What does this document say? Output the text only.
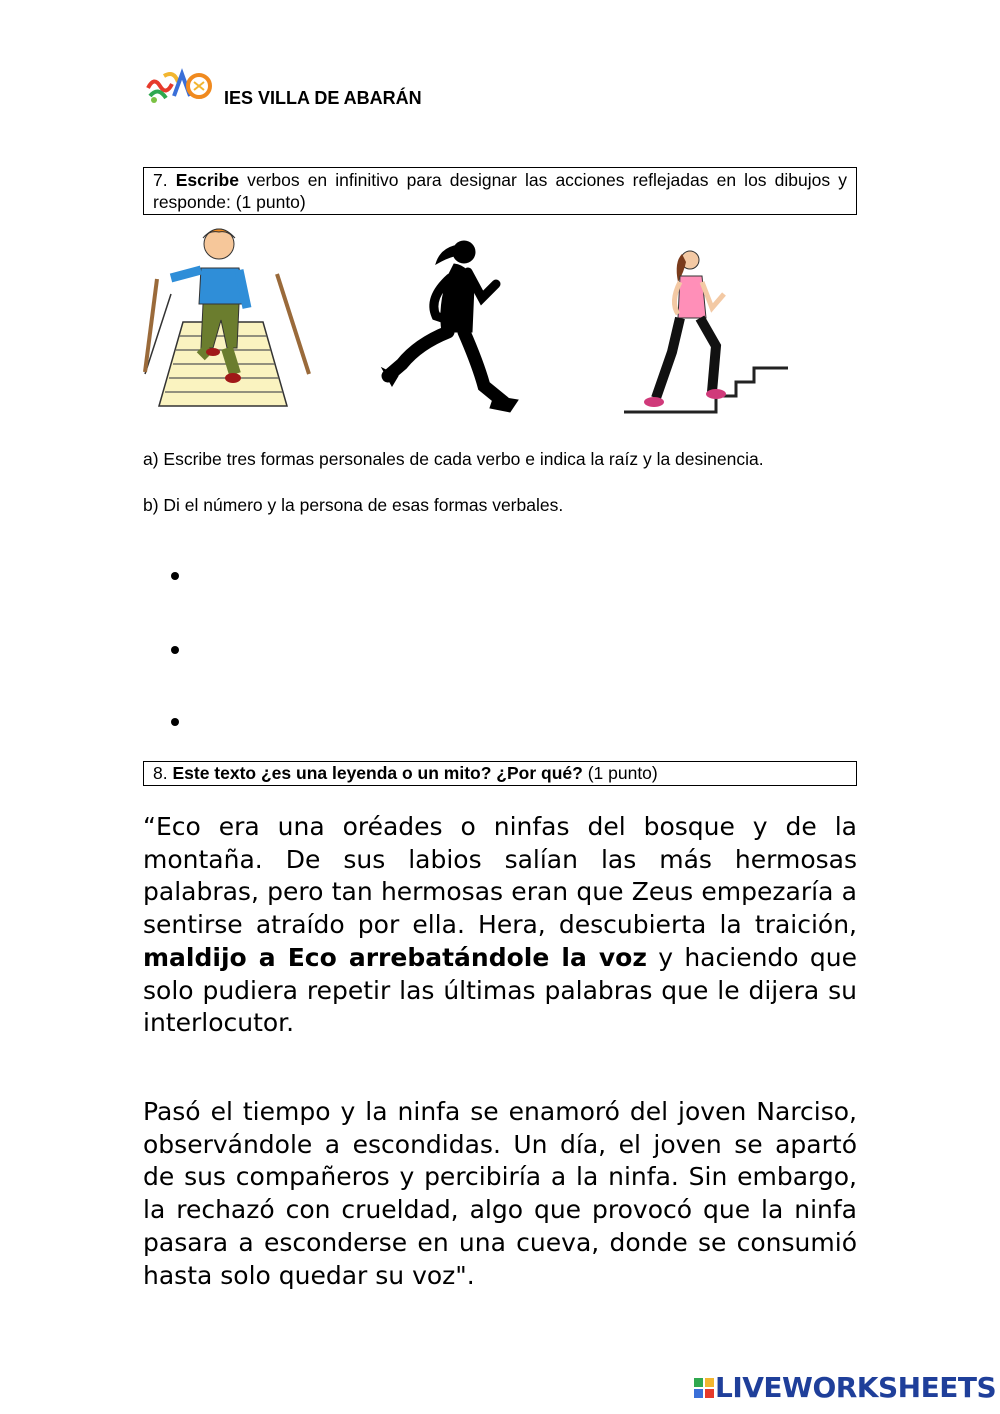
IES VILLA DE ABARÁN
7. Escribe verbos en infinitivo para designar las acciones reflejadas en los dibujos y responde: (1 punto)
a) Escribe tres formas personales de cada verbo e indica la raíz y la desinencia.
b) Di el número y la persona de esas formas verbales.
8. Este texto ¿es una leyenda o un mito? ¿Por qué? (1 punto)

“Eco era una oréades o ninfas del bosque y de la montaña. De sus labios salían las más hermosas palabras, pero tan hermosas eran que Zeus empezaría a sentirse atraído por ella. Hera, descubierta la traición, maldijo a Eco arrebatándole la voz y haciendo que solo pudiera repetir las últimas palabras que le dijera su interlocutor.

Pasó el tiempo y la ninfa se enamoró del joven Narciso, observándole a escondidas. Un día, el joven se apartó de sus compañeros y percibiría a la ninfa. Sin embargo, la rechazó con crueldad, algo que provocó que la ninfa pasara a esconderse en una cueva, donde se consumió hasta solo quedar su voz".

LIVEWORKSHEETS
